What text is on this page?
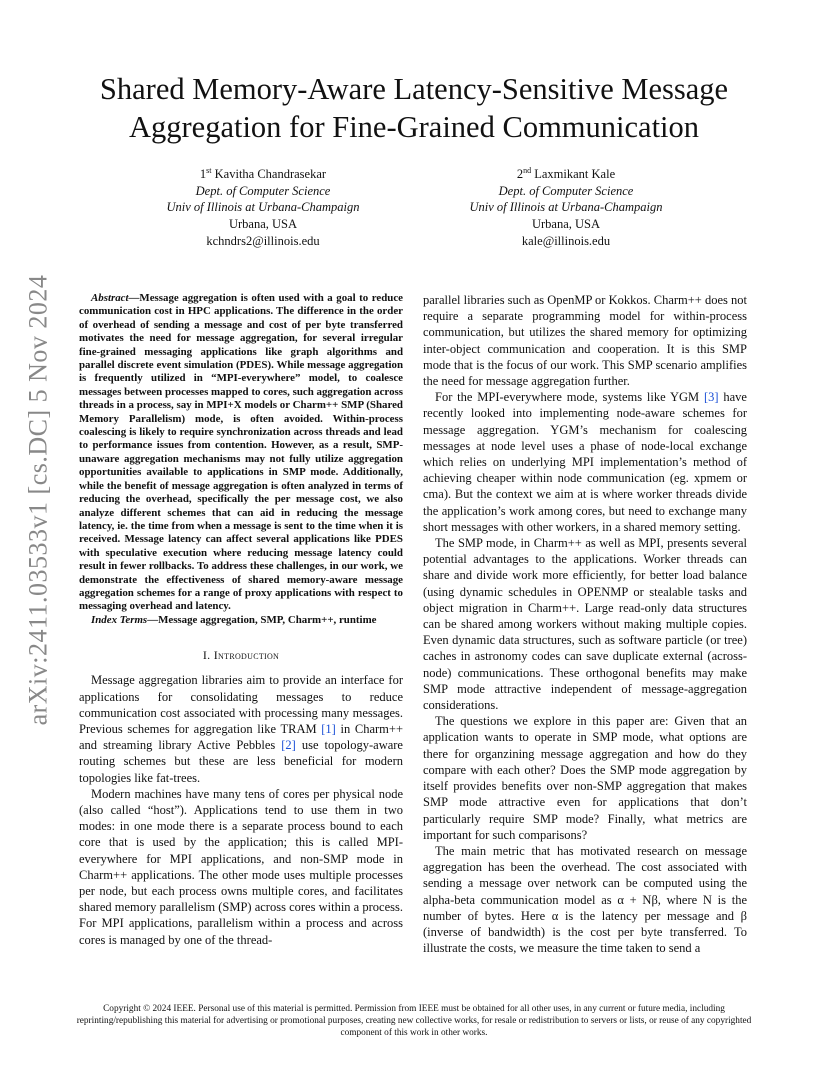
arXiv:2411.03533v1 [cs.DC] 5 Nov 2024
Shared Memory-Aware Latency-Sensitive Message Aggregation for Fine-Grained Communication
1st Kavitha Chandrasekar
Dept. of Computer Science
Univ of Illinois at Urbana-Champaign
Urbana, USA
kchndrs2@illinois.edu
2nd Laxmikant Kale
Dept. of Computer Science
Univ of Illinois at Urbana-Champaign
Urbana, USA
kale@illinois.edu
Abstract—Message aggregation is often used with a goal to reduce communication cost in HPC applications. The difference in the order of overhead of sending a message and cost of per byte transferred motivates the need for message aggregation, for several irregular fine-grained messaging applications like graph algorithms and parallel discrete event simulation (PDES). While message aggregation is frequently utilized in “MPI-everywhere” model, to coalesce messages between processes mapped to cores, such aggregation across threads in a process, say in MPI+X models or Charm++ SMP (Shared Memory Parallelism) mode, is often avoided. Within-process coalescing is likely to require synchronization across threads and lead to performance issues from contention. However, as a result, SMP-unaware aggregation mechanisms may not fully utilize aggregation opportunities available to applications in SMP mode. Additionally, while the benefit of message aggregation is often analyzed in terms of reducing the overhead, specifically the per message cost, we also analyze different schemes that can aid in reducing the message latency, ie. the time from when a message is sent to the time when it is received. Message latency can affect several applications like PDES with speculative execution where reducing message latency could result in fewer rollbacks. To address these challenges, in our work, we demonstrate the effectiveness of shared memory-aware message aggregation schemes for a range of proxy applications with respect to messaging overhead and latency.
Index Terms—Message aggregation, SMP, Charm++, runtime
I. Introduction

Message aggregation libraries aim to provide an interface for applications for consolidating messages to reduce communication cost associated with processing many messages. Previous schemes for aggregation like TRAM [1] in Charm++ and streaming library Active Pebbles [2] use topology-aware routing schemes but these are less beneficial for modern topologies like fat-trees.

Modern machines have many tens of cores per physical node (also called “host”). Applications tend to use them in two modes: in one mode there is a separate process bound to each core that is used by the application; this is called MPI-everywhere for MPI applications, and non-SMP mode in Charm++ applications. The other mode uses multiple processes per node, but each process owns multiple cores, and facilitates shared memory parallelism (SMP) across cores within a process. For MPI applications, parallelism within a process and across cores is managed by one of the thread-

parallel libraries such as OpenMP or Kokkos. Charm++ does not require a separate programming model for within-process communication, but utilizes the shared memory for optimizing inter-object communication and cooperation. It is this SMP mode that is the focus of our work. This SMP scenario amplifies the need for message aggregation further.

For the MPI-everywhere mode, systems like YGM [3] have recently looked into implementing node-aware schemes for message aggregation. YGM’s mechanism for coalescing messages at node level uses a phase of node-local exchange which relies on underlying MPI implementation’s method of achieving cheaper within node communication (eg. xpmem or cma). But the context we aim at is where worker threads divide the application’s work among cores, but need to exchange many short messages with other workers, in a shared memory setting.

The SMP mode, in Charm++ as well as MPI, presents several potential advantages to the applications. Worker threads can share and divide work more efficiently, for better load balance (using dynamic schedules in OPENMP or stealable tasks and object migration in Charm++. Large read-only data structures can be shared among workers without making multiple copies. Even dynamic data structures, such as software particle (or tree) caches in astronomy codes can save duplicate external (across-node) communications. These orthogonal benefits may make SMP mode attractive independent of message-aggregation considerations.

The questions we explore in this paper are: Given that an application wants to operate in SMP mode, what options are there for organzining message aggregation and how do they compare with each other? Does the SMP mode aggregation by itself provides benefits over non-SMP aggregation that makes SMP mode attractive even for applications that don’t particularly require SMP mode? Finally, what metrics are important for such comparisons?

The main metric that has motivated research on message aggregation has been the overhead. The cost associated with sending a message over network can be computed using the alpha-beta communication model as α + Nβ, where N is the number of bytes. Here α is the latency per message and β (inverse of bandwidth) is the cost per byte transferred. To illustrate the costs, we measure the time taken to send a

Copyright © 2024 IEEE. Personal use of this material is permitted. Permission from IEEE must be obtained for all other uses, in any current or future media, including reprinting/republishing this material for advertising or promotional purposes, creating new collective works, for resale or redistribution to servers or lists, or reuse of any copyrighted component of this work in other works.
